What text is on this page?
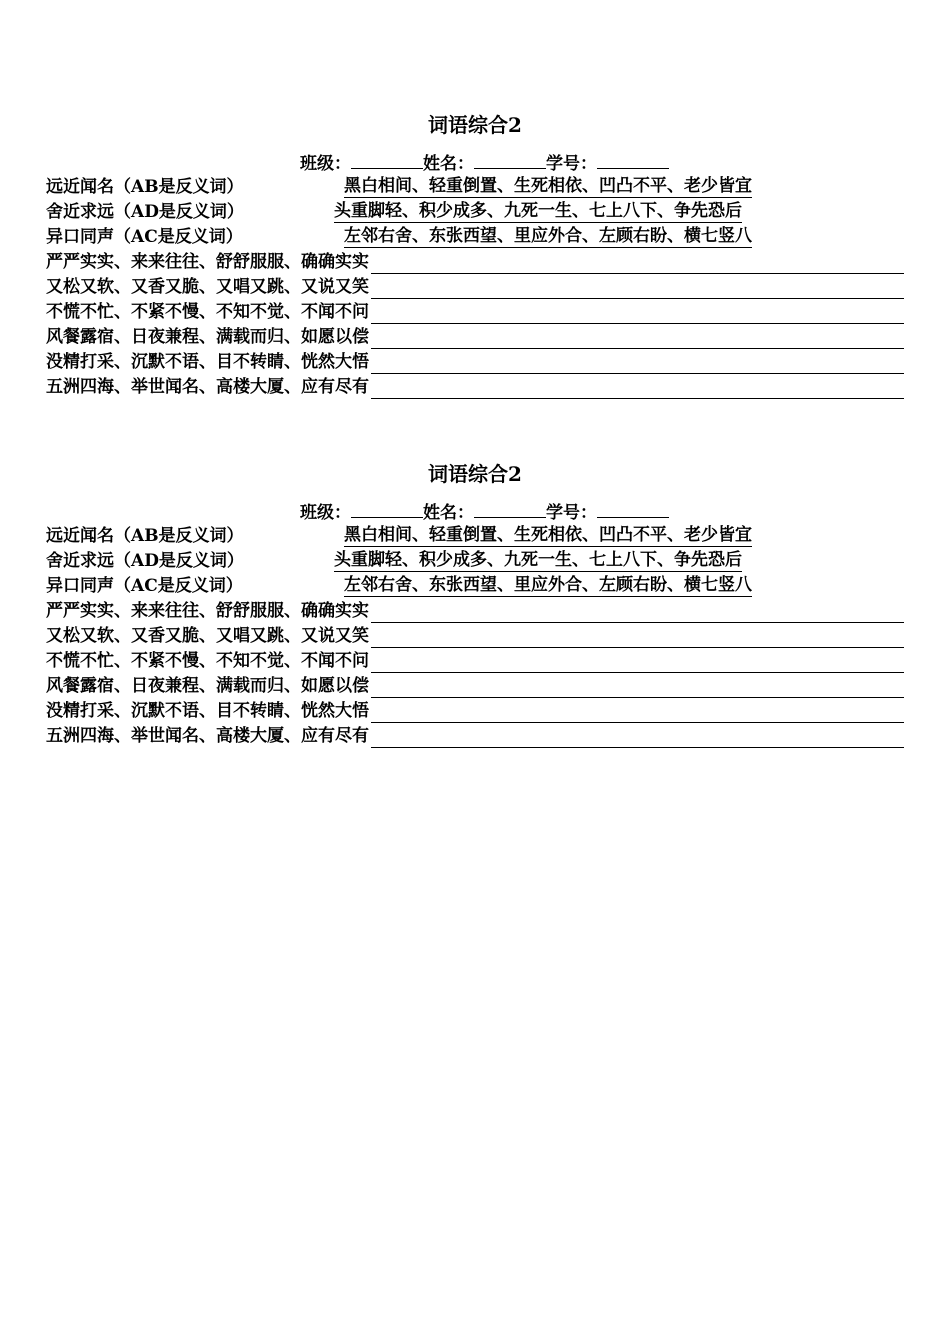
词语综合2
班级：	姓名：	学号：
远近闻名（AB是反义词）	黑白相间、轻重倒置、生死相依、凹凸不平、老少皆宜
舍近求远（AD是反义词）	头重脚轻、积少成多、九死一生、七上八下、争先恐后
异口同声（AC是反义词）	左邻右舍、东张西望、里应外合、左顾右盼、横七竖八
严严实实、来来往往、舒舒服服、确确实实
又松又软、又香又脆、又唱又跳、又说又笑
不慌不忙、不紧不慢、不知不觉、不闻不问
风餐露宿、日夜兼程、满载而归、如愿以偿
没精打采、沉默不语、目不转睛、恍然大悟
五洲四海、举世闻名、高楼大厦、应有尽有
词语综合2
班级：	姓名：	学号：
远近闻名（AB是反义词）	黑白相间、轻重倒置、生死相依、凹凸不平、老少皆宜
舍近求远（AD是反义词）	头重脚轻、积少成多、九死一生、七上八下、争先恐后
异口同声（AC是反义词）	左邻右舍、东张西望、里应外合、左顾右盼、横七竖八
严严实实、来来往往、舒舒服服、确确实实
又松又软、又香又脆、又唱又跳、又说又笑
不慌不忙、不紧不慢、不知不觉、不闻不问
风餐露宿、日夜兼程、满载而归、如愿以偿
没精打采、沉默不语、目不转睛、恍然大悟
五洲四海、举世闻名、高楼大厦、应有尽有
